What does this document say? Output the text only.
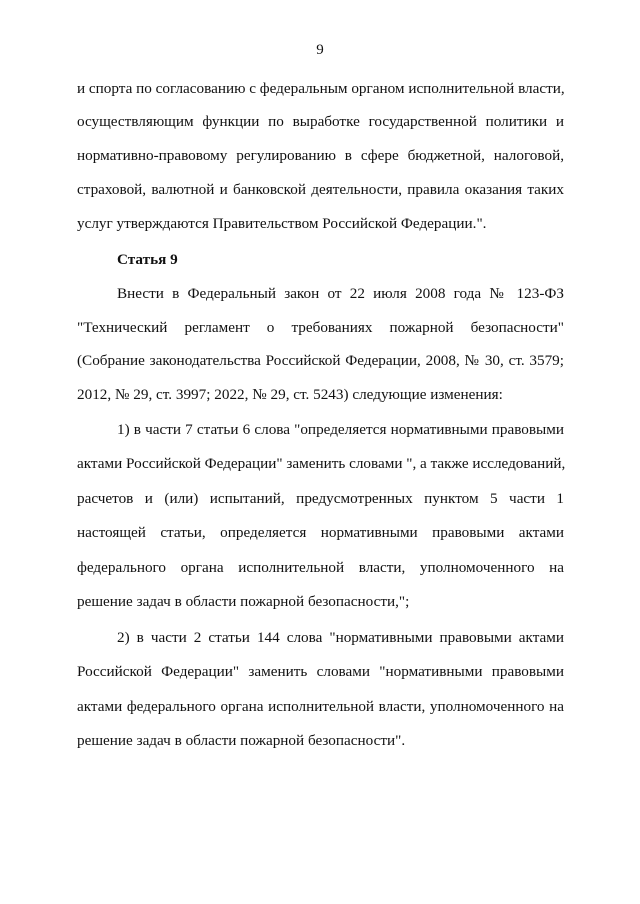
9
и спорта по согласованию с федеральным органом исполнительной власти,
осуществляющим функции по выработке государственной политики и
нормативно-правовому регулированию в сфере бюджетной, налоговой,
страховой, валютной и банковской деятельности, правила оказания таких
услуг утверждаются Правительством Российской Федерации.".
Статья 9
Внести в Федеральный закон от 22 июля 2008 года № 123-ФЗ
"Технический регламент о требованиях пожарной безопасности"
(Собрание законодательства Российской Федерации, 2008, № 30, ст. 3579;
2012, № 29, ст. 3997; 2022, № 29, ст. 5243) следующие изменения:
1) в части 7 статьи 6 слова "определяется нормативными правовыми
актами Российской Федерации" заменить словами ", а также исследований,
расчетов и (или) испытаний, предусмотренных пунктом 5 части 1
настоящей статьи, определяется нормативными правовыми актами
федерального органа исполнительной власти, уполномоченного на
решение задач в области пожарной безопасности,";
2) в части 2 статьи 144 слова "нормативными правовыми актами
Российской Федерации" заменить словами "нормативными правовыми
актами федерального органа исполнительной власти, уполномоченного на
решение задач в области пожарной безопасности".
